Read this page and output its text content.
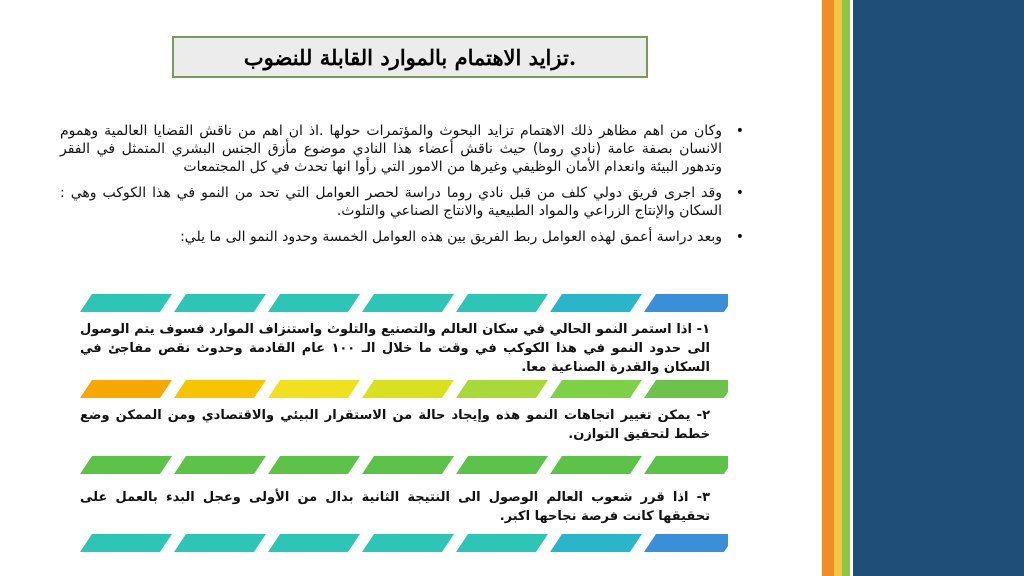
تزايد الاهتمام بالموارد القابلة للنضوب.
• وكان من اهم مظاهر ذلك الاهتمام تزايد البحوث والمؤتمرات حولها .اذ ان اهم من ناقش القضايا العالمية وهموم الانسان بصفة عامة (نادي روما) حيث ناقش أعضاء هذا النادي موضوع مأزق الجنس البشري المتمثل في الفقر وتدهور البيئة وانعدام الأمان الوظيفي وغيرها من الامور التي رأوا انها تحدث في كل المجتمعات
• وقد اجرى فريق دولي كلف من قبل نادي روما دراسة لحصر العوامل التي تحد من النمو في هذا الكوكب وهي : السكان والإنتاج الزراعي والمواد الطبيعية والانتاج الصناعي والتلوث.
• وبعد دراسة أعمق لهذه العوامل ربط الفريق بين هذه العوامل الخمسة وحدود النمو الى ما يلي:
١- اذا استمر النمو الحالي في سكان العالم والتصنيع والتلوث واستنزاف الموارد فسوف يتم الوصول الى حدود النمو في هذا الكوكب في وقت ما خلال الـ ١٠٠ عام القادمة وحدوث نقص مفاجئ في السكان والقدرة الصناعية معا.
٢- يمكن تغيير اتجاهات النمو هذه وإيجاد حالة من الاستقرار البيئي والاقتصادي ومن الممكن وضع خطط لتحقيق التوازن.
٣- اذا قرر شعوب العالم الوصول الى النتيجة الثانية بدال من الأولى وعجل البدء بالعمل على تحقيقها كانت فرصة نجاحها اكبر.
